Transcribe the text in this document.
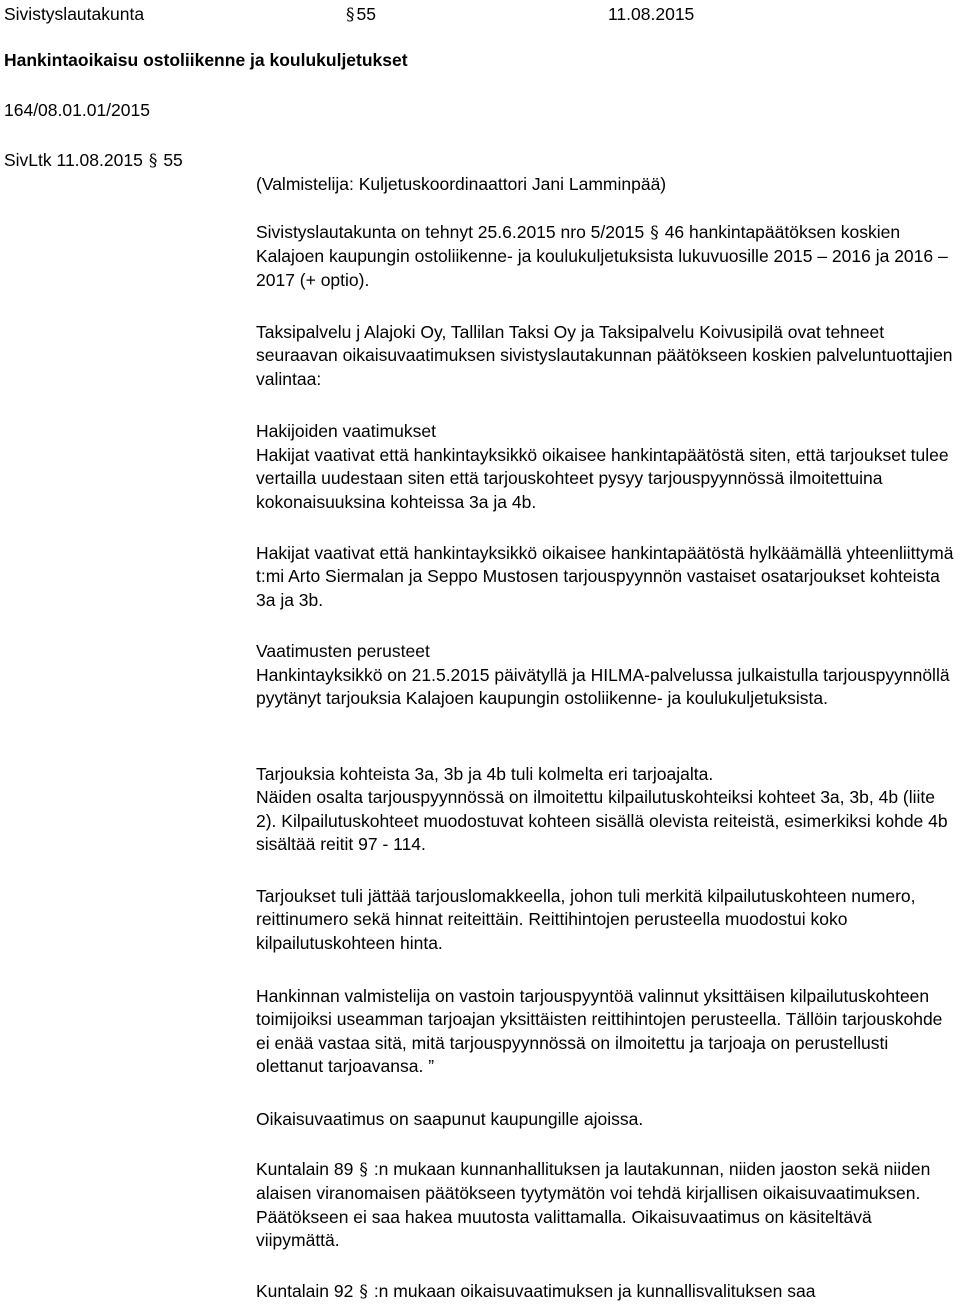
Sivistyslautakunta	§ 55	11.08.2015
Hankintaoikaisu ostoliikenne ja koulukuljetukset
164/08.01.01/2015
SivLtk 11.08.2015 § 55
(Valmistelija: Kuljetuskoordinaattori Jani Lamminpää)

Sivistyslautakunta on tehnyt 25.6.2015 nro 5/2015 § 46 hankintapäätöksen koskien Kalajoen kaupungin ostoliikenne- ja koulukuljetuksista lukuvuosille 2015 – 2016 ja 2016 – 2017 (+ optio).

Taksipalvelu j Alajoki Oy, Tallilan Taksi Oy ja Taksipalvelu Koivusipilä ovat tehneet seuraavan oikaisuvaatimuksen sivistyslautakunnan päätökseen koskien palveluntuottajien valintaa:

Hakijoiden vaatimukset

Hakijat vaativat että hankintayksikkö oikaisee hankintapäätöstä siten, että tarjoukset tulee vertailla uudestaan siten että tarjouskohteet pysyy tarjouspyynnössä ilmoitettuina kokonaisuuksina kohteissa 3a ja 4b.

Hakijat vaativat että hankintayksikkö oikaisee hankintapäätöstä hylkäämällä yhteenliittymä t:mi Arto Siermalan ja Seppo Mustosen tarjouspyynnön vastaiset osatarjoukset kohteista 3a ja 3b.

Vaatimusten perusteet

Hankintayksikkö on 21.5.2015 päivätyllä ja HILMA-palvelussa julkaistulla tarjouspyynnöllä pyytänyt tarjouksia Kalajoen kaupungin ostoliikenne- ja koulukuljetuksista.

Tarjouksia kohteista 3a, 3b ja 4b tuli kolmelta eri tarjoajalta.

Näiden osalta tarjouspyynnössä on ilmoitettu kilpailutuskohteiksi kohteet 3a, 3b, 4b (liite 2). Kilpailutuskohteet muodostuvat kohteen sisällä olevista reiteistä, esimerkiksi kohde 4b sisältää reitit 97 - 114.

Tarjoukset tuli jättää tarjouslomakkeella, johon tuli merkitä kilpailutuskohteen numero, reittinumero sekä hinnat reiteittäin. Reittihintojen perusteella muodostui koko kilpailutuskohteen hinta.

Hankinnan valmistelija on vastoin tarjouspyyntöä valinnut yksittäisen kilpailutuskohteen toimijoiksi useamman tarjoajan yksittäisten reittihintojen perusteella. Tällöin tarjouskohde ei enää vastaa sitä, mitä tarjouspyynnössä on ilmoitettu ja tarjoaja on perustellusti olettanut tarjoavansa. ”

Oikaisuvaatimus on saapunut kaupungille ajoissa.

Kuntalain 89 § :n mukaan kunnanhallituksen ja lautakunnan, niiden jaoston sekä niiden alaisen viranomaisen päätökseen tyytymätön voi tehdä kirjallisen oikaisuvaatimuksen. Päätökseen ei saa hakea muutosta valittamalla. Oikaisuvaatimus on käsiteltävä viipymättä.

Kuntalain 92 § :n mukaan oikaisuvaatimuksen ja kunnallisvalituksen saa
